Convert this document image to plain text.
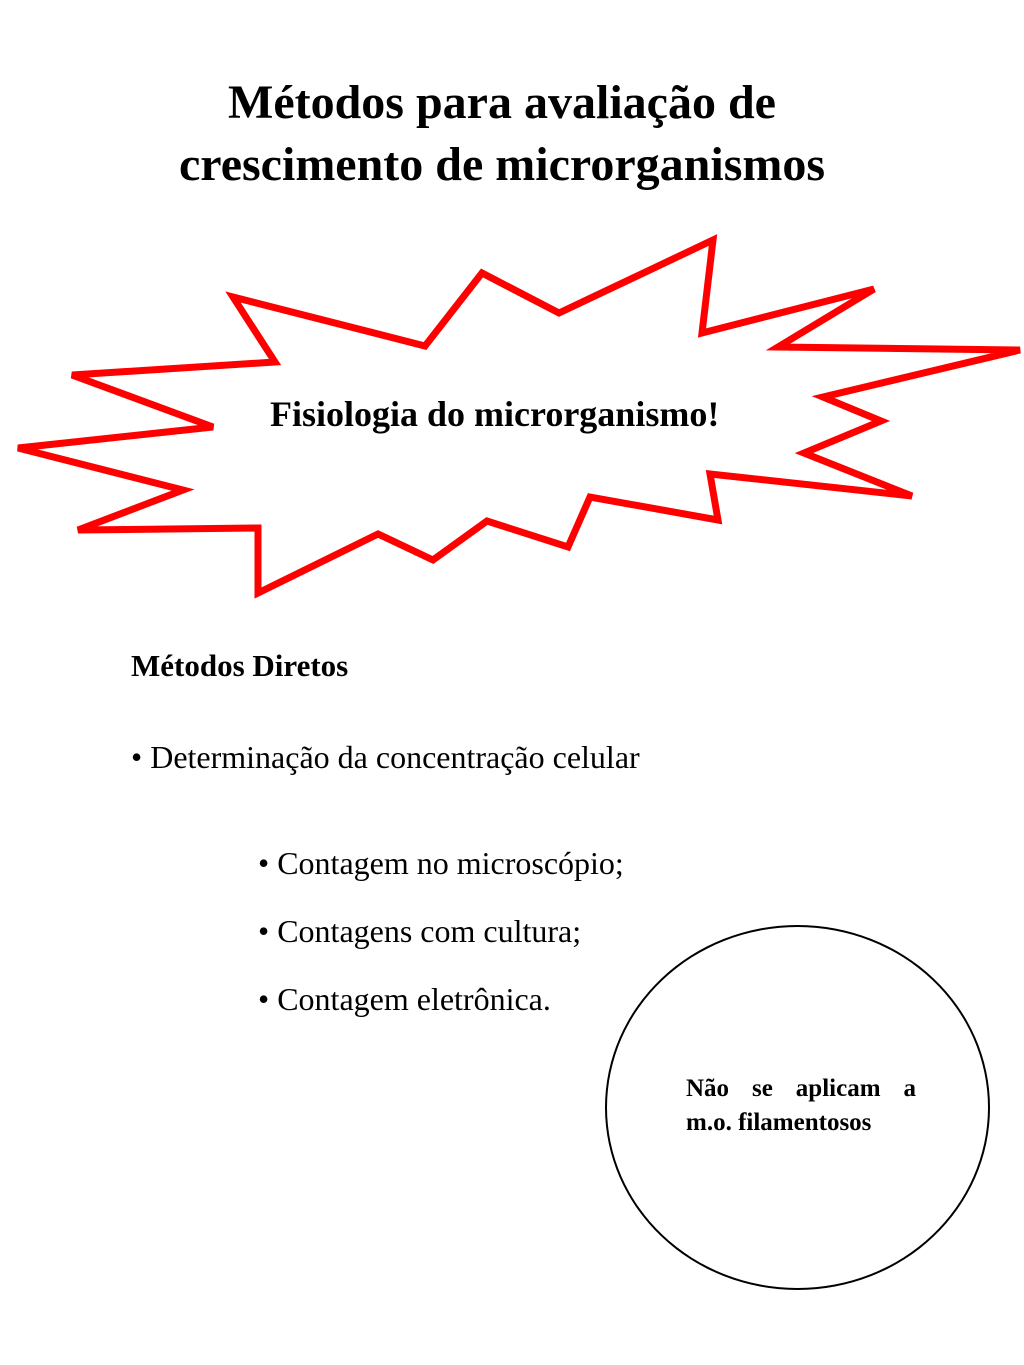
Métodos para avaliação de
crescimento de microrganismos
Fisiologia do microrganismo!
Métodos Diretos
• Determinação da concentração celular
• Contagem no microscópio;
• Contagens com cultura;
• Contagem eletrônica.
Não se aplicam a m.o. filamentosos
